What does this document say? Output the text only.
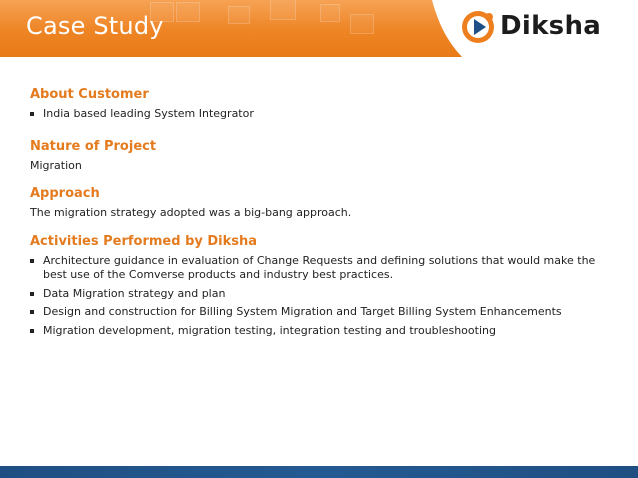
Case Study	Diksha
About Customer
India based leading System Integrator
Nature of Project

Migration

Approach

The migration strategy adopted was a big-bang approach.

Activities Performed by Diksha
Architecture guidance in evaluation of Change Requests and defining solutions that would make the best use of the Comverse products and industry best practices.
Data Migration strategy and plan
Design and construction for Billing System Migration and Target Billing System Enhancements
Migration development, migration testing, integration testing and troubleshooting
